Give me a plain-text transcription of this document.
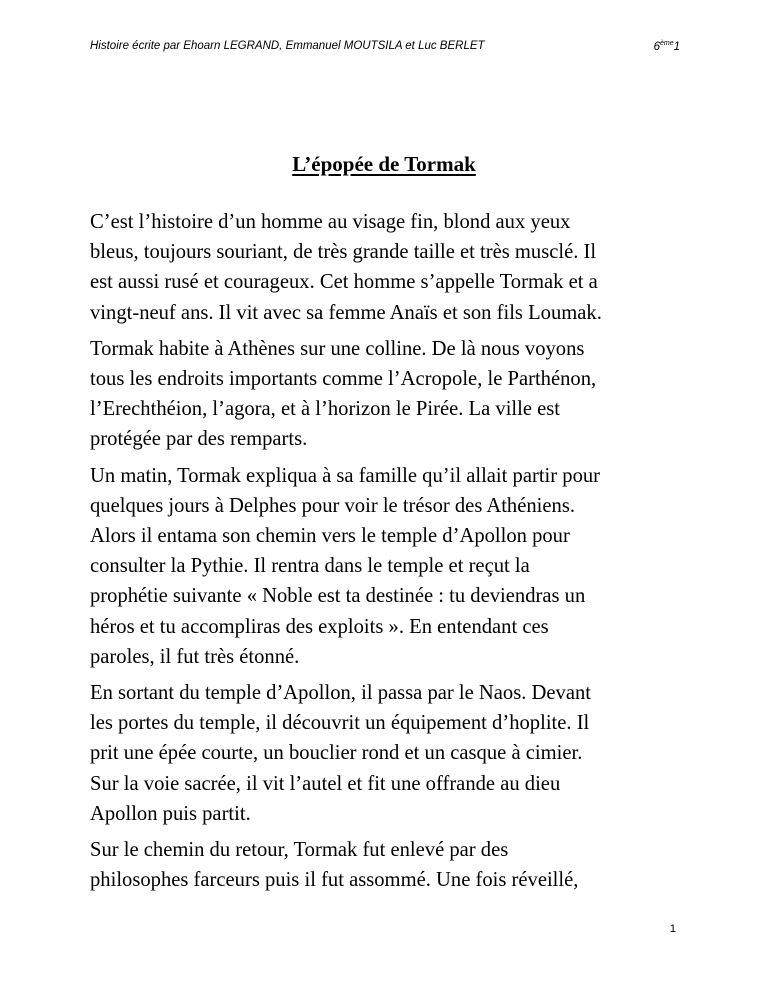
Histoire écrite par Ehoarn LEGRAND, Emmanuel MOUTSILA et Luc BERLET	6ème1
L’épopée de Tormak

C’est l’histoire d’un homme au visage fin, blond aux yeux
bleus, toujours souriant, de très grande taille et très musclé. Il
est aussi rusé et courageux. Cet homme s’appelle Tormak et a
vingt-neuf ans. Il vit avec sa femme Anaïs et son fils Loumak.

Tormak habite à Athènes sur une colline. De là nous voyons
tous les endroits importants comme l’Acropole, le Parthénon,
l’Erechthéion, l’agora, et à l’horizon le Pirée. La ville est
protégée par des remparts.

Un matin, Tormak expliqua à sa famille qu’il allait partir pour
quelques jours à Delphes pour voir le trésor des Athéniens.
Alors il entama son chemin vers le temple d’Apollon pour
consulter la Pythie. Il rentra dans le temple et reçut la
prophétie suivante « Noble est ta destinée : tu deviendras un
héros et tu accompliras des exploits ». En entendant ces
paroles, il fut très étonné.

En sortant du temple d’Apollon, il passa par le Naos. Devant
les portes du temple, il découvrit un équipement d’hoplite. Il
prit une épée courte, un bouclier rond et un casque à cimier.
Sur la voie sacrée, il vit l’autel et fit une offrande au dieu
Apollon puis partit.

Sur le chemin du retour, Tormak fut enlevé par des
philosophes farceurs puis il fut assommé. Une fois réveillé,

1
